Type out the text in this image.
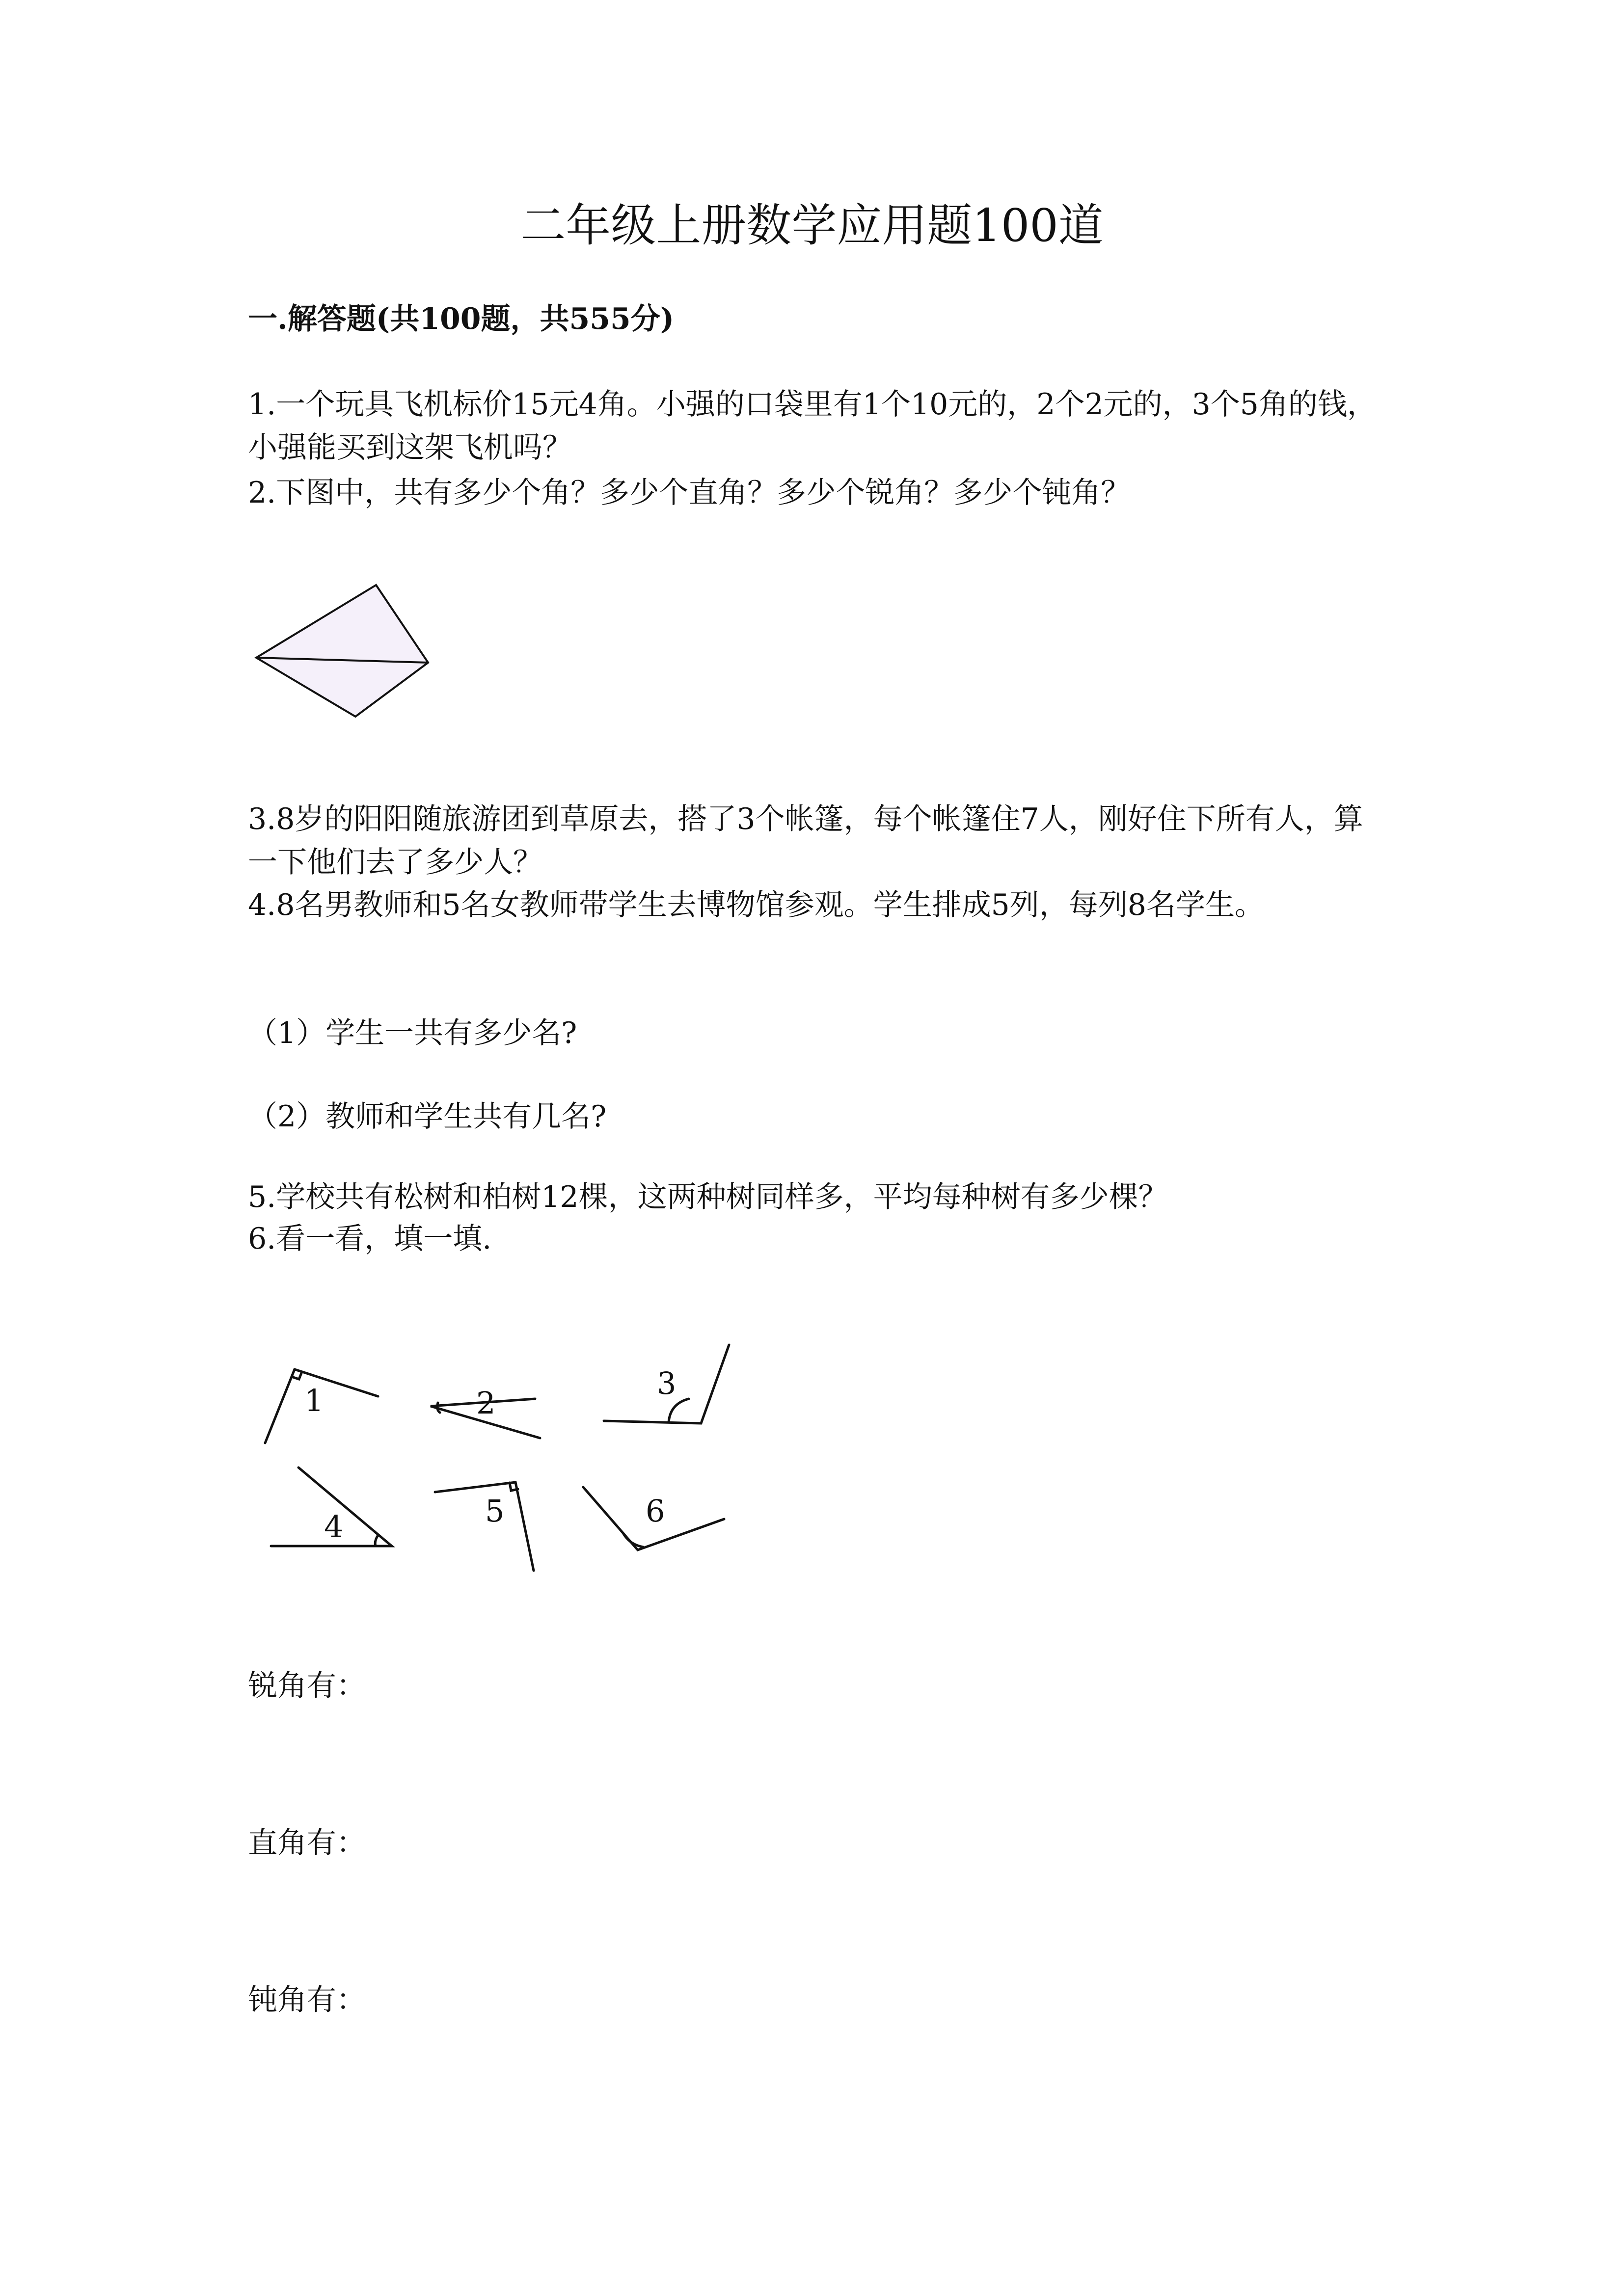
二年级上册数学应用题100道
一.解答题(共100题，共555分)
1.一个玩具飞机标价15元4角。小强的口袋里有1个10元的，2个2元的，3个5角的钱，小强能买到这架飞机吗？
2.下图中，共有多少个角？多少个直角？多少个锐角？多少个钝角？
3.8岁的阳阳随旅游团到草原去，搭了3个帐篷，每个帐篷住7人，刚好住下所有人，算一下他们去了多少人？
4.8名男教师和5名女教师带学生去博物馆参观。学生排成5列，每列8名学生。
（1）学生一共有多少名?
（2）教师和学生共有几名?
5.学校共有松树和柏树12棵，这两种树同样多，平均每种树有多少棵？
6.看一看，填一填.
1	2
3
4	5	6
锐角有：
直角有：
钝角有：
